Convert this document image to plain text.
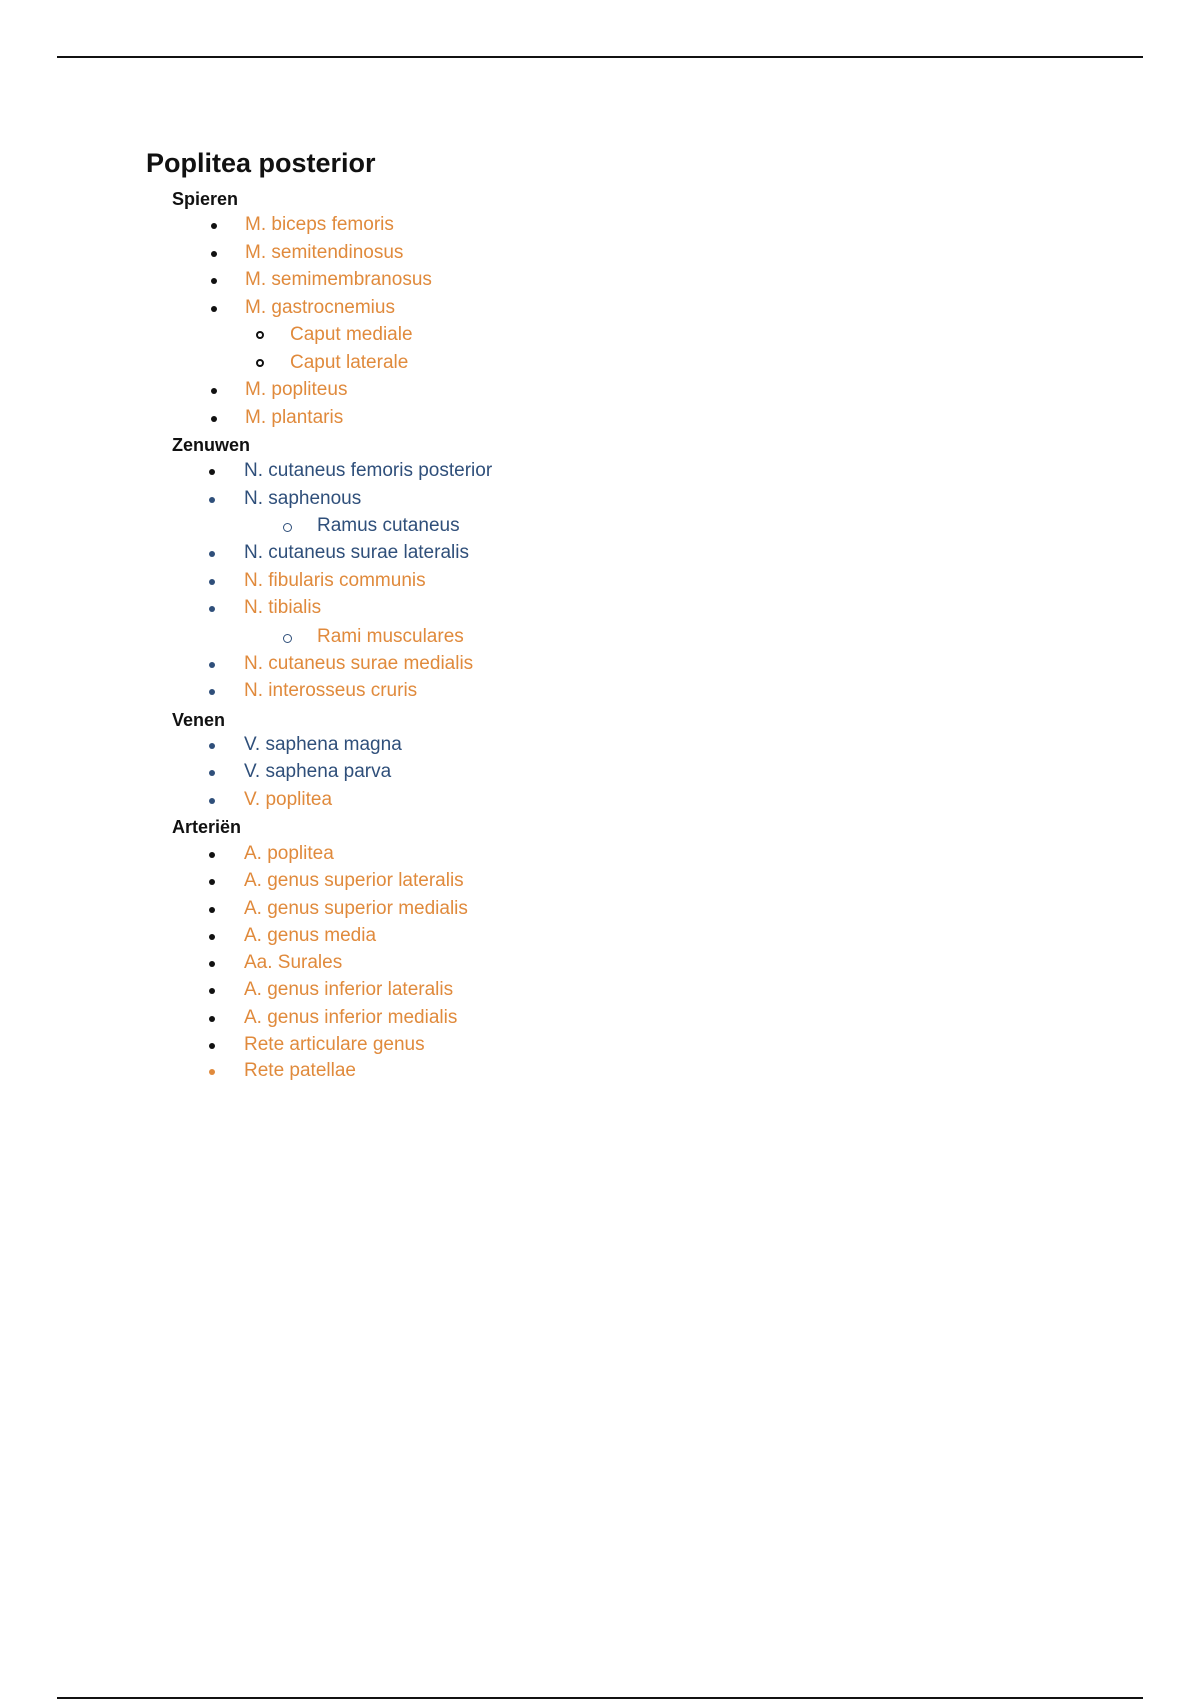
Poplitea posterior
Spieren
M. biceps femoris
M. semitendinosus
M. semimembranosus
M. gastrocnemius
Caput mediale
Caput laterale
M. popliteus
M. plantaris
Zenuwen
N. cutaneus femoris posterior
N. saphenous
Ramus cutaneus
N. cutaneus surae lateralis
N. fibularis communis
N. tibialis
Rami musculares
N. cutaneus surae medialis
N. interosseus cruris
Venen
V. saphena magna
V. saphena parva
V. poplitea
Arteriën
A. poplitea
A. genus superior lateralis
A. genus superior medialis
A. genus media
Aa. Surales
A. genus inferior lateralis
A. genus inferior medialis
Rete articulare genus
Rete patellae
